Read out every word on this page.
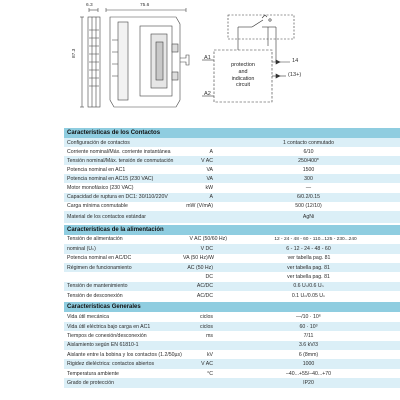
6.3	75.6
87.3
protection
and
indication
circuit
A1
A2
14
(13+)
Características de los Contactos
Configuración de contactos	1 contacto conmutado
Corriente nominal/Máx. corriente instantánea	A	6/10
Tensión nominal/Máx. tensión de conmutación	V AC	250/400*
Potencia nominal en AC1	VA	1500
Potencia nominal en AC15 (230 VAC)	VA	300
Motor monofásico (230 VAC)	kW	—
Capacidad de ruptura en DC1: 30/110/220V	A	6/0.2/0.15
Carga mínima conmutable	mW (V/mA)	500 (12/10)
Material de los contactos estándar	AgNi
Características de la alimentación
Tensión de alimentación	V AC (50/60 Hz)	12 - 24 - 48 - 60 - 110...125 - 230...240
nominal (Uₙ)	V DC	6 - 12 - 24 - 48 - 60
Potencia nominal en AC/DC	VA (50 Hz)/W	ver tabella pag. 81
Régimen de funcionamiento	AC (50 Hz)	ver tabella pag. 81
DC	ver tabella pag. 81
Tensión de mantenimiento	AC/DC	0.6 Uₙ/0.6 Uₙ
Tensión de desconexión	AC/DC	0.1 Uₙ/0.05 Uₙ
Características Generales
Vida útil mecánica	ciclos	—/10 · 10⁶
Vida útil eléctrica bajo carga en AC1	ciclos	60 · 10³
Tiempos de conexión/desconexión	ms	7/11
Aislamiento según EN 61810-1	3.6 kV/3
Aislante entre la bobina y los contactos (1.2/50µs)	kV	6 (8mm)
Rigidez dieléctrica: contactos abiertos	V AC	1000
Temperatura ambiente	°C	–40...+55/–40...+70
Grado de protección	IP20
